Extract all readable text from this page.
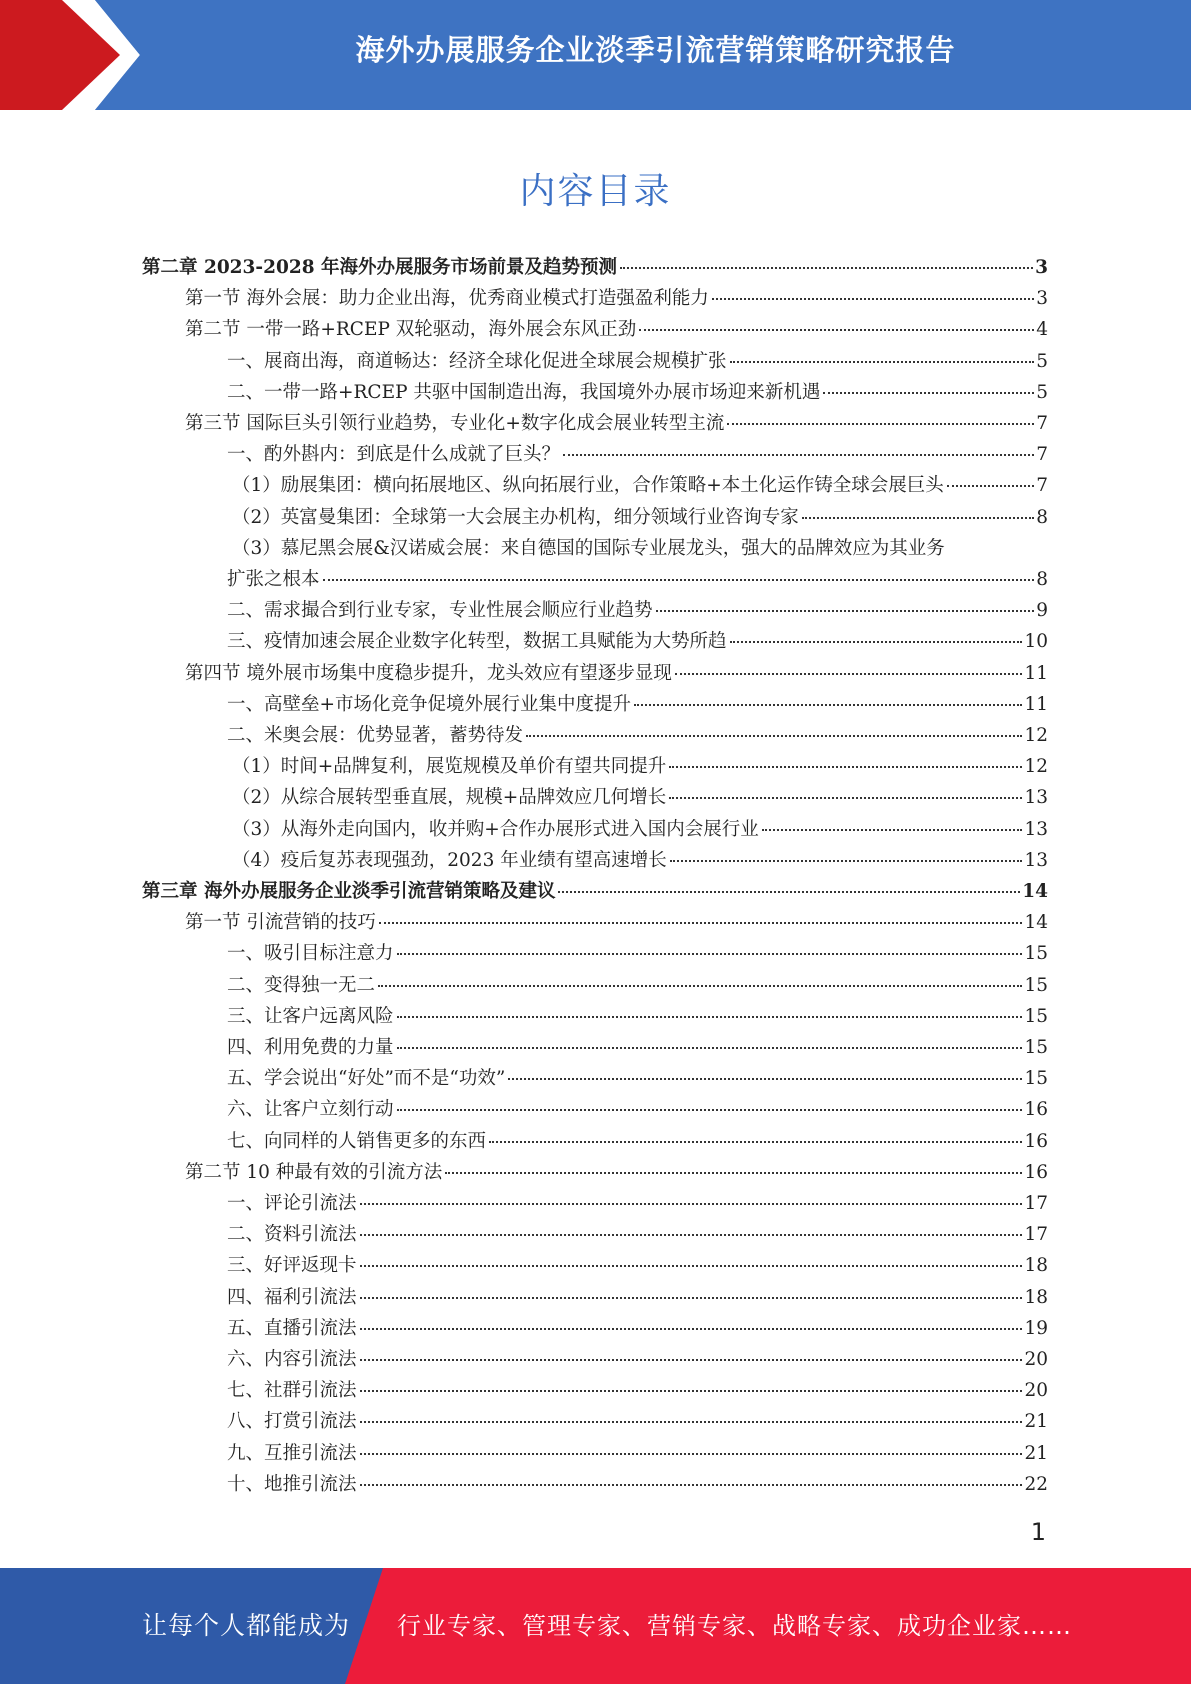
海外办展服务企业淡季引流营销策略研究报告
内容目录
第二章 2023-2028 年海外办展服务市场前景及趋势预测	3
第一节 海外会展：助力企业出海，优秀商业模式打造强盈利能力	3
第二节 一带一路+RCEP 双轮驱动，海外展会东风正劲	4
一、展商出海，商道畅达：经济全球化促进全球展会规模扩张	5
二、一带一路+RCEP 共驱中国制造出海，我国境外办展市场迎来新机遇	5
第三节 国际巨头引领行业趋势，专业化+数字化成会展业转型主流	7
一、酌外斟内：到底是什么成就了巨头？	7
（1）励展集团：横向拓展地区、纵向拓展行业，合作策略+本土化运作铸全球会展巨头	7
（2）英富曼集团：全球第一大会展主办机构，细分领域行业咨询专家	8
（3）慕尼黑会展&汉诺威会展：来自德国的国际专业展龙头，强大的品牌效应为其业务
扩张之根本	8
二、需求撮合到行业专家，专业性展会顺应行业趋势	9
三、疫情加速会展企业数字化转型，数据工具赋能为大势所趋	10
第四节 境外展市场集中度稳步提升，龙头效应有望逐步显现	11
一、高壁垒+市场化竞争促境外展行业集中度提升	11
二、米奥会展：优势显著，蓄势待发	12
（1）时间+品牌复利，展览规模及单价有望共同提升	12
（2）从综合展转型垂直展，规模+品牌效应几何增长	13
（3）从海外走向国内，收并购+合作办展形式进入国内会展行业	13
（4）疫后复苏表现强劲，2023 年业绩有望高速增长	13
第三章 海外办展服务企业淡季引流营销策略及建议	14
第一节 引流营销的技巧	14
一、吸引目标注意力	15
二、变得独一无二	15
三、让客户远离风险	15
四、利用免费的力量	15
五、学会说出“好处”而不是“功效”	15
六、让客户立刻行动	16
七、向同样的人销售更多的东西	16
第二节 10 种最有效的引流方法	16
一、评论引流法	17
二、资料引流法	17
三、好评返现卡	18
四、福利引流法	18
五、直播引流法	19
六、内容引流法	20
七、社群引流法	20
八、打赏引流法	21
九、互推引流法	21
十、地推引流法	22
1
让每个人都能成为 行业专家、管理专家、营销专家、战略专家、成功企业家……
